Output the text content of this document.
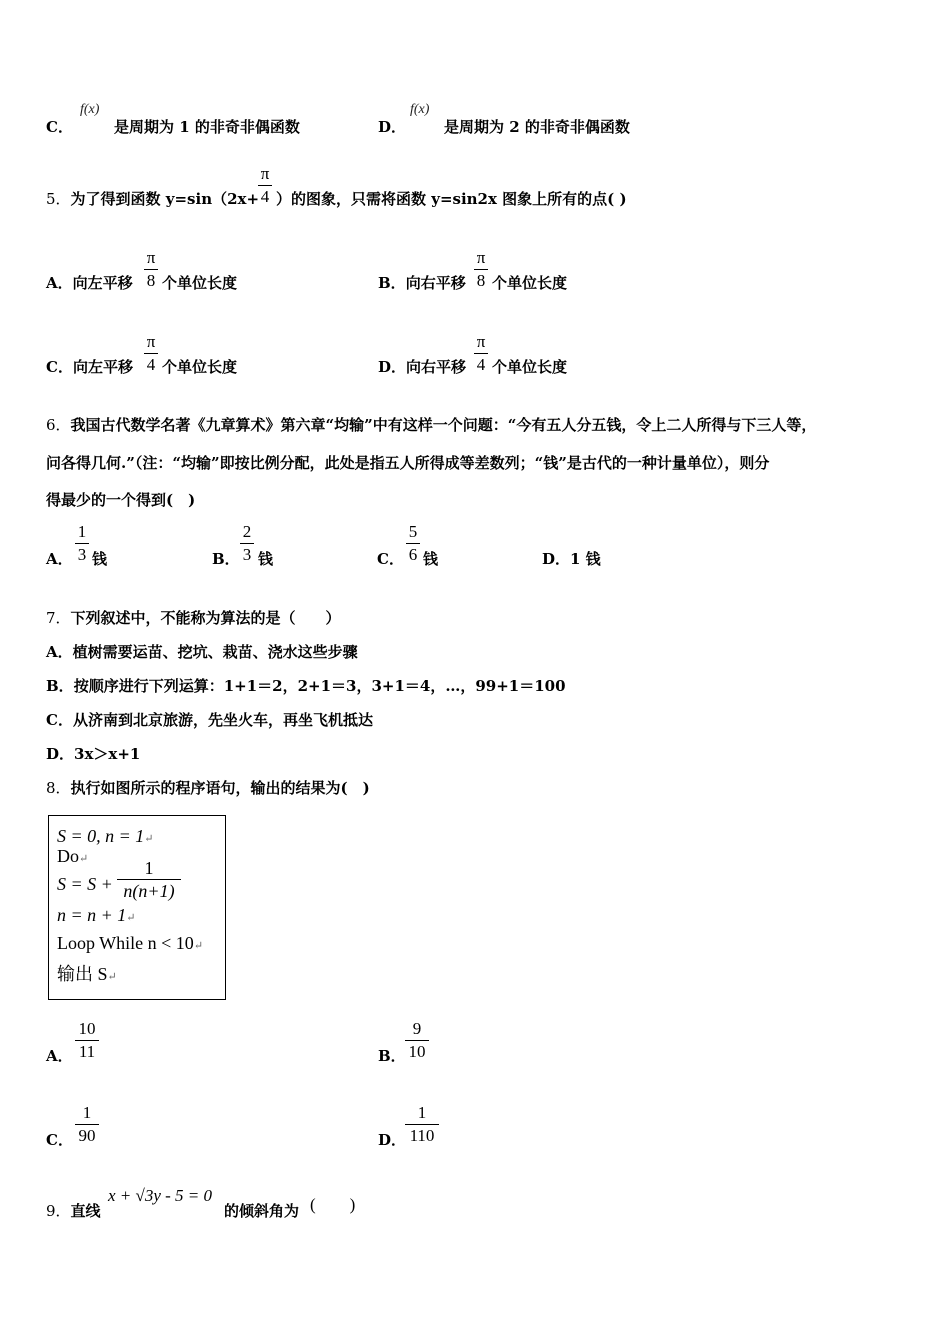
C．
f(x)
是周期为 1 的非奇非偶函数	D．
f(x)
是周期为 2 的非奇非偶函数
5．为了得到函数 y=sin（2x+
π
4 ）的图象，只需将函数 y=sin2x 图象上所有的点( )
A．向左平移
π
8 个单位长度	B．向右平移
π
8 个单位长度
C．向左平移
π
4 个单位长度	D．向右平移
π
4 个单位长度
6．我国古代数学名著《九章算术》第六章“均输”中有这样一个问题：“今有五人分五钱，令上二人所得与下三人等，
问各得几何.”（注：“均输”即按比例分配，此处是指五人所得成等差数列；“钱”是古代的一种计量单位），则分
得最少的一个得到(　)
A．
1
3 钱	B．
2
3 钱	C．
5
6 钱	D．1 钱
7．下列叙述中，不能称为算法的是（　　）
A．植树需要运苗、挖坑、栽苗、浇水这些步骤
B．按顺序进行下列运算：1+1＝2，2+1＝3，3+1＝4，…，99+1＝100
C．从济南到北京旅游，先坐火车，再坐飞机抵达
D．3x＞x+1
8．执行如图所示的程序语句，输出的结果为(　)
S = 0, n = 1↵
Do↵
S = S +
1
n(n+1)
n = n + 1↵
Loop While n < 10↵
输出 S↵
A．
10
11	B．
9
10
C．
1
90	D．
1
110
9．直线
x + √3y - 5 = 0
的倾斜角为 (　　)
